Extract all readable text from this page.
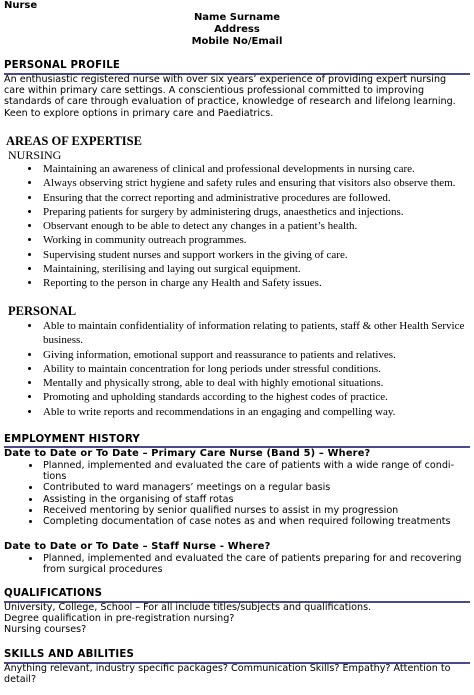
Nurse
Name Surname
Address
Mobile No/Email
PERSONAL PROFILE
An enthusiastic registered nurse with over six years’ experience of providing expert nursing
care within primary care settings. A conscientious professional committed to improving
standards of care through evaluation of practice, knowledge of research and lifelong learning.
Keen to explore options in primary care and Paediatrics.
AREAS OF EXPERTISE
NURSING
• Maintaining an awareness of clinical and professional developments in nursing care.
• Always observing strict hygiene and safety rules and ensuring that visitors also observe them.
• Ensuring that the correct reporting and administrative procedures are followed.
• Preparing patients for surgery by administering drugs, anaesthetics and injections.
• Observant enough to be able to detect any changes in a patient’s health.
• Working in community outreach programmes.
• Supervising student nurses and support workers in the giving of care.
• Maintaining, sterilising and laying out surgical equipment.
• Reporting to the person in charge any Health and Safety issues.
PERSONAL
• Able to maintain confidentiality of information relating to patients, staff & other Health Service business.
• Giving information, emotional support and reassurance to patients and relatives.
• Ability to maintain concentration for long periods under stressful conditions.
• Mentally and physically strong, able to deal with highly emotional situations.
• Promoting and upholding standards according to the highest codes of practice.
• Able to write reports and recommendations in an engaging and compelling way.
EMPLOYMENT HISTORY
Date to Date or To Date – Primary Care Nurse (Band 5) – Where?
• Planned, implemented and evaluated the care of patients with a wide range of condi-tions
• Contributed to ward managers’ meetings on a regular basis
• Assisting in the organising of staff rotas
• Received mentoring by senior qualified nurses to assist in my progression
• Completing documentation of case notes as and when required following treatments
Date to Date or To Date – Staff Nurse - Where?
• Planned, implemented and evaluated the care of patients preparing for and recovering from surgical procedures
QUALIFICATIONS
University, College, School – For all include titles/subjects and qualifications.
Degree qualification in pre-registration nursing?
Nursing courses?
SKILLS AND ABILITIES
Anything relevant, industry specific packages? Communication Skills? Empathy? Attention to
detail?
